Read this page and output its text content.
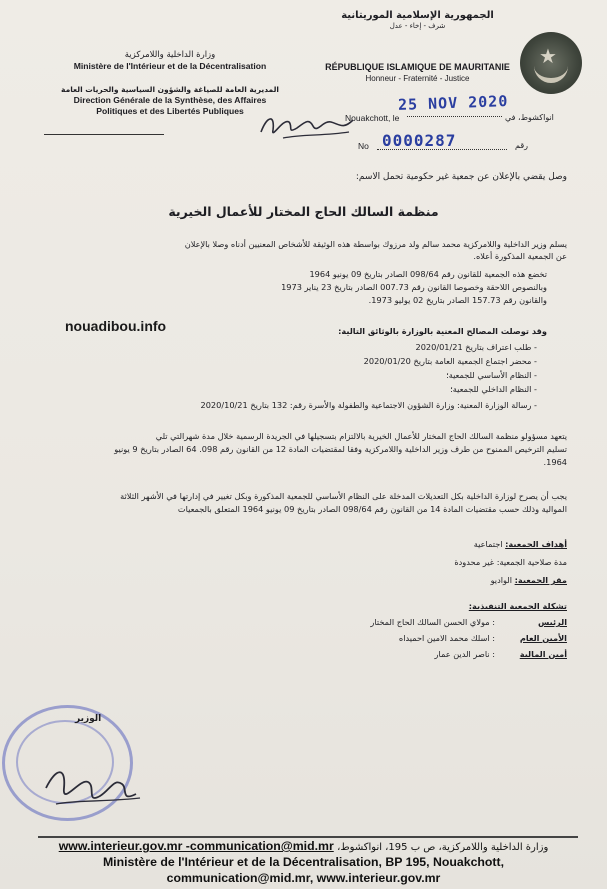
وزارة الداخلية واللامركزية
Ministère de l'Intérieur et de la Décentralisation
المديرية العامة للصياغة والشؤون السياسية والحريات العامة
Direction Générale de la Synthèse, des Affaires
Politiques et des Libertés Publiques
الجمهورية الإسلامية الموريتانية
شرف - إخاء - عدل
RÉPUBLIQUE ISLAMIQUE DE MAURITANIE
Honneur - Fraternité - Justice
★
Nouakchott, le
25 NOV 2020
انواكشوط، في
No 0000287	رقم
nouadibou.info
وصل يقضي بالإعلان عن جمعية غير حكومية تحمل الاسم:
منظمة السالك الحاج المختار للأعمال الخيرية
يسلم وزير الداخلية واللامركزية محمد سالم ولد مرزوك بواسطة هذه الوثيقة للأشخاص المعنيين أدناه وصلا بالإعلان
عن الجمعية المذكورة أعلاه.
تخضع هذه الجمعية للقانون رقم 098/64 الصادر بتاريخ 09 يونيو 1964
وبالنصوص اللاحقة وخصوصا القانون رقم 007.73 الصادر بتاريخ 23 يناير 1973
والقانون رقم 157.73 الصادر بتاريخ 02 يوليو 1973.
وقد توصلت المصالح المعنية بالوزارة بالوثائق التالية:
- طلب اعتراف بتاريخ 2020/01/21
- محضر اجتماع الجمعية العامة بتاريخ 2020/01/20
- النظام الأساسي للجمعية؛
- النظام الداخلي للجمعية؛
- رسالة الوزارة المعنية: وزارة الشؤون الاجتماعية والطفولة والأسرة رقم: 132 بتاريخ 2020/10/21
يتعهد مسؤولو منظمة السالك الحاج المختار للأعمال الخيرية بالالتزام بتسجيلها في الجريدة الرسمية خلال مدة شهرالتي تلي
تسليم الترخيص الممنوح من طرف وزير الداخلية واللامركزية وفقا لمقتضيات المادة 12 من القانون رقم 098. 64 الصادر بتاريخ 9 يونيو
1964.
يجب أن يصرح لوزارة الداخلية بكل التعديلات المدخلة على النظام الأساسي للجمعية المذكورة وبكل تغيير في إدارتها في الأشهر الثلاثة
الموالية وذلك حسب مقتضيات المادة 14 من القانون رقم 098/64 الصادر بتاريخ 09 يونيو 1964 المتعلق بالجمعيات
أهداف الجمعية: اجتماعية
مدة صلاحية الجمعية: غير محدودة
مقر الجمعية: الواديو
تشكلة الجمعية التنفيذية:
الرئيس: مولاي الحسن السالك الحاج المختار
الأمين العام: اسلك محمد الامين احميداه
أمين المالية: ناصر الدين عمار
الوزير
www.interieur.gov.mr -communication@mid.mr وزارة الداخلية واللامركزية، ص ب 195، انواكشوط،
Ministère de l'Intérieur et de la Décentralisation, BP 195, Nouakchott,
communication@mid.mr, www.interieur.gov.mr
